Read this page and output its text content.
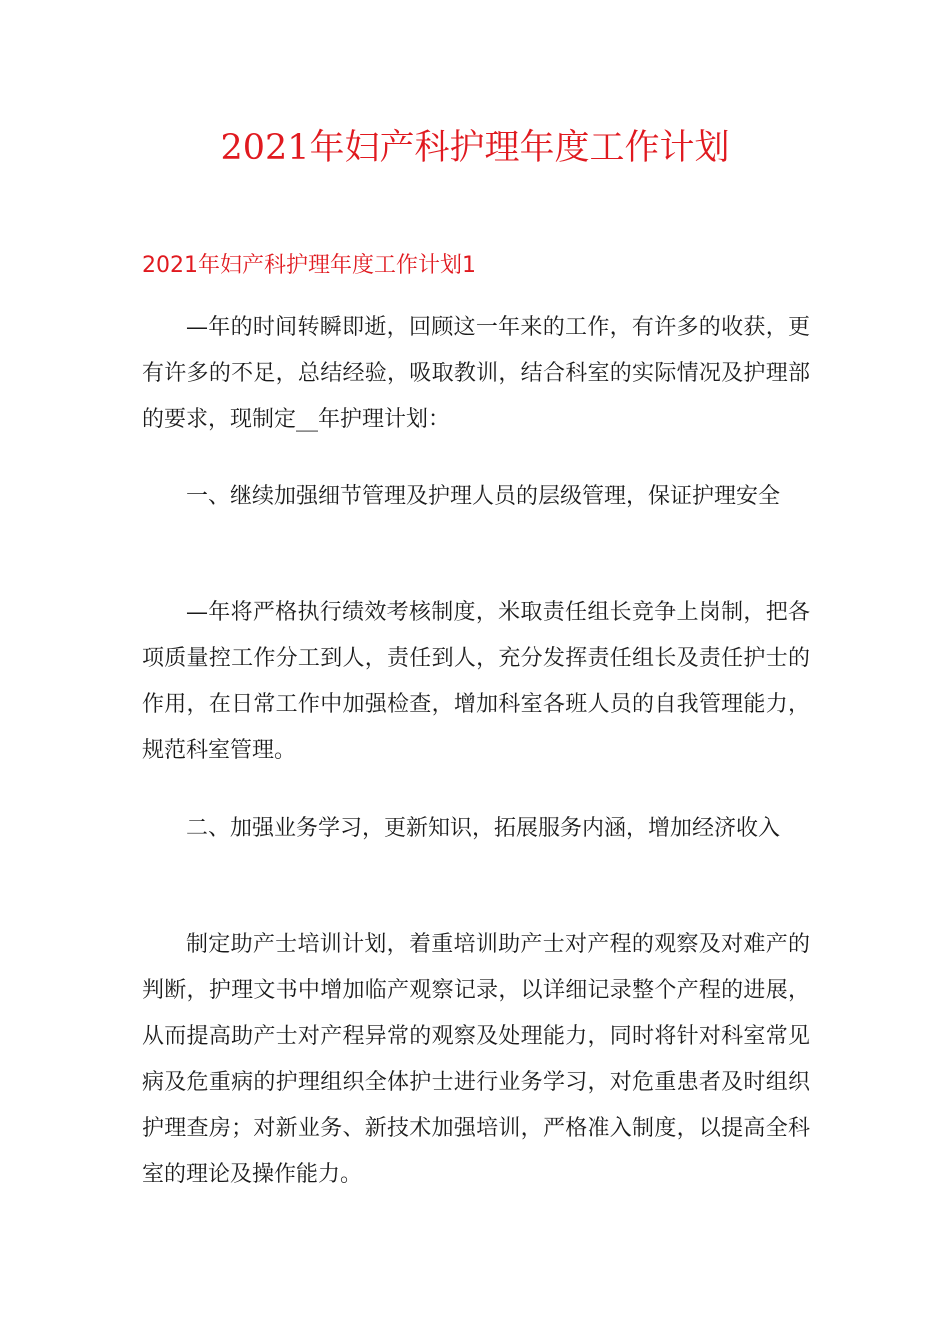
2021年妇产科护理年度工作计划
2021年妇产科护理年度工作计划1

—年的时间转瞬即逝，回顾这一年来的工作，有许多的收获，更有许多的不足，总结经验，吸取教训，结合科室的实际情况及护理部的要求，现制定__年护理计划：

一、继续加强细节管理及护理人员的层级管理，保证护理安全

—年将严格执行绩效考核制度，米取责任组长竞争上岗制，把各项质量控工作分工到人，责任到人，充分发挥责任组长及责任护士的作用，在日常工作中加强检查，增加科室各班人员的自我管理能力，规范科室管理。

二、加强业务学习，更新知识，拓展服务内涵，增加经济收入

制定助产士培训计划，着重培训助产士对产程的观察及对难产的判断，护理文书中增加临产观察记录，以详细记录整个产程的进展，从而提高助产士对产程异常的观察及处理能力，同时将针对科室常见病及危重病的护理组织全体护士进行业务学习，对危重患者及时组织护理查房；对新业务、新技术加强培训，严格准入制度，以提高全科室的理论及操作能力。
